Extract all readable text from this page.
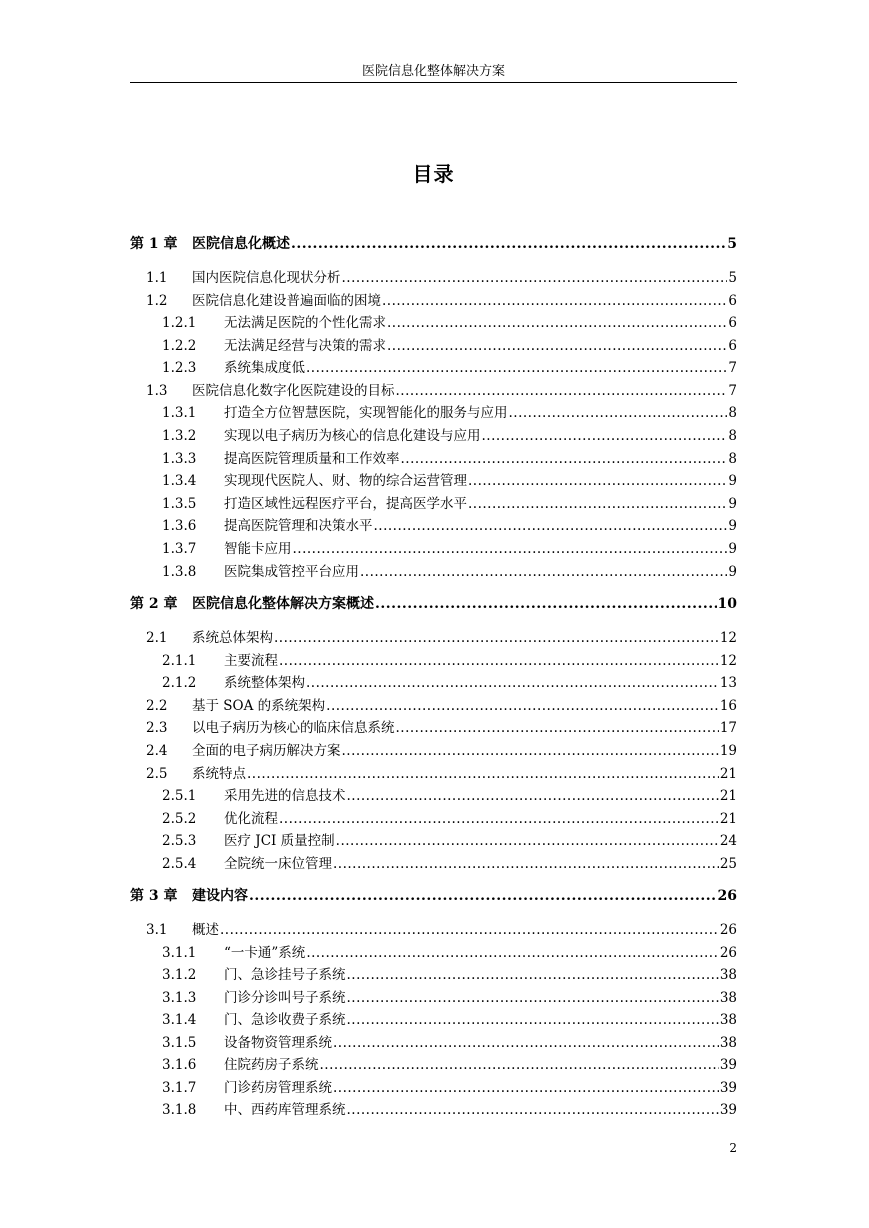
医院信息化整体解决方案
目录
第 1 章	医院信息化概述 .....	5
1.1	国内医院信息化现状分析 .....	5
1.2	医院信息化建设普遍面临的困境 .....	6
1.2.1	无法满足医院的个性化需求 .....	6
1.2.2	无法满足经营与决策的需求 .....	6
1.2.3	系统集成度低 .....	7
1.3	医院信息化数字化医院建设的目标 .....	7
1.3.1	打造全方位智慧医院，实现智能化的服务与应用 .....	8
1.3.2	实现以电子病历为核心的信息化建设与应用 .....	8
1.3.3	提高医院管理质量和工作效率 .....	8
1.3.4	实现现代医院人、财、物的综合运营管理 .....	9
1.3.5	打造区域性远程医疗平台，提高医学水平 .....	9
1.3.6	提高医院管理和决策水平 .....	9
1.3.7	智能卡应用 .....	9
1.3.8	医院集成管控平台应用 .....	9
第 2 章	医院信息化整体解决方案概述 .....	10
2.1	系统总体架构 .....	12
2.1.1	主要流程 .....	12
2.1.2	系统整体架构 .....	13
2.2	基于 SOA 的系统架构 .....	16
2.3	以电子病历为核心的临床信息系统 .....	17
2.4	全面的电子病历解决方案 .....	19
2.5	系统特点 .....	21
2.5.1	采用先进的信息技术 .....	21
2.5.2	优化流程 .....	21
2.5.3	医疗 JCI 质量控制 .....	24
2.5.4	全院统一床位管理 .....	25
第 3 章	建设内容 .....	26
3.1	概述 .....	26
3.1.1	“一卡通”系统 .....	26
3.1.2	门、急诊挂号子系统 .....	38
3.1.3	门诊分诊叫号子系统 .....	38
3.1.4	门、急诊收费子系统 .....	38
3.1.5	设备物资管理系统 .....	38
3.1.6	住院药房子系统 .....	39
3.1.7	门诊药房管理系统 .....	39
3.1.8	中、西药库管理系统 .....	39
2
